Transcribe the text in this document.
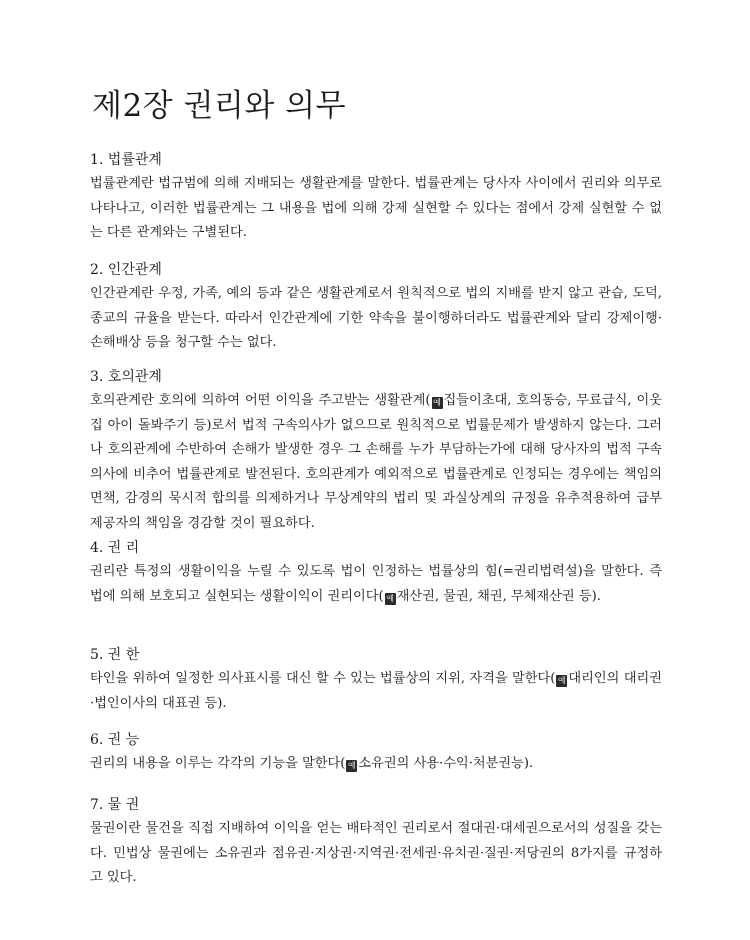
제2장 권리와 의무
1. 법률관계

법률관계란 법규범에 의해 지배되는 생활관계를 말한다. 법률관계는 당사자 사이에서 권리와 의무로 나타나고, 이러한 법률관계는 그 내용을 법에 의해 강제 실현할 수 있다는 점에서 강제 실현할 수 없는 다른 관계와는 구별된다.

2. 인간관계

인간관계란 우정, 가족, 예의 등과 같은 생활관계로서 원칙적으로 법의 지배를 받지 않고 관습, 도덕, 종교의 규율을 받는다. 따라서 인간관계에 기한 약속을 불이행하더라도 법률관계와 달리 강제이행·손해배상 등을 청구할 수는 없다.

3. 호의관계

호의관계란 호의에 의하여 어떤 이익을 주고받는 생활관계( 예 집들이초대, 호의동승, 무료급식, 이웃집 아이 돌봐주기 등)로서 법적 구속의사가 없으므로 원칙적으로 법률문제가 발생하지 않는다. 그러나 호의관계에 수반하여 손해가 발생한 경우 그 손해를 누가 부담하는가에 대해 당사자의 법적 구속의사에 비추어 법률관계로 발전된다. 호의관계가 예외적으로 법률관계로 인정되는 경우에는 책임의 면책, 감경의 묵시적 합의를 의제하거나 무상계약의 법리 및 과실상계의 규정을 유추적용하여 급부제공자의 책임을 경감할 것이 필요하다.

4. 권 리

권리란 특정의 생활이익을 누릴 수 있도록 법이 인정하는 법률상의 힘(=권리법력설)을 말한다. 즉 법에 의해 보호되고 실현되는 생활이익이 권리이다( 예 재산권, 물권, 채권, 무체재산권 등).

5. 권 한

타인을 위하여 일정한 의사표시를 대신 할 수 있는 법률상의 지위, 자격을 말한다( 예 대리인의 대리권·법인이사의 대표권 등).

6. 권 능

권리의 내용을 이루는 각각의 기능을 말한다( 예 소유권의 사용·수익·처분권능).

7. 물 권

물권이란 물건을 직접 지배하여 이익을 얻는 배타적인 권리로서 절대권·대세권으로서의 성질을 갖는다. 민법상 물권에는 소유권과 점유권·지상권·지역권·전세권·유치권·질권·저당권의 8가지를 규정하고 있다.
